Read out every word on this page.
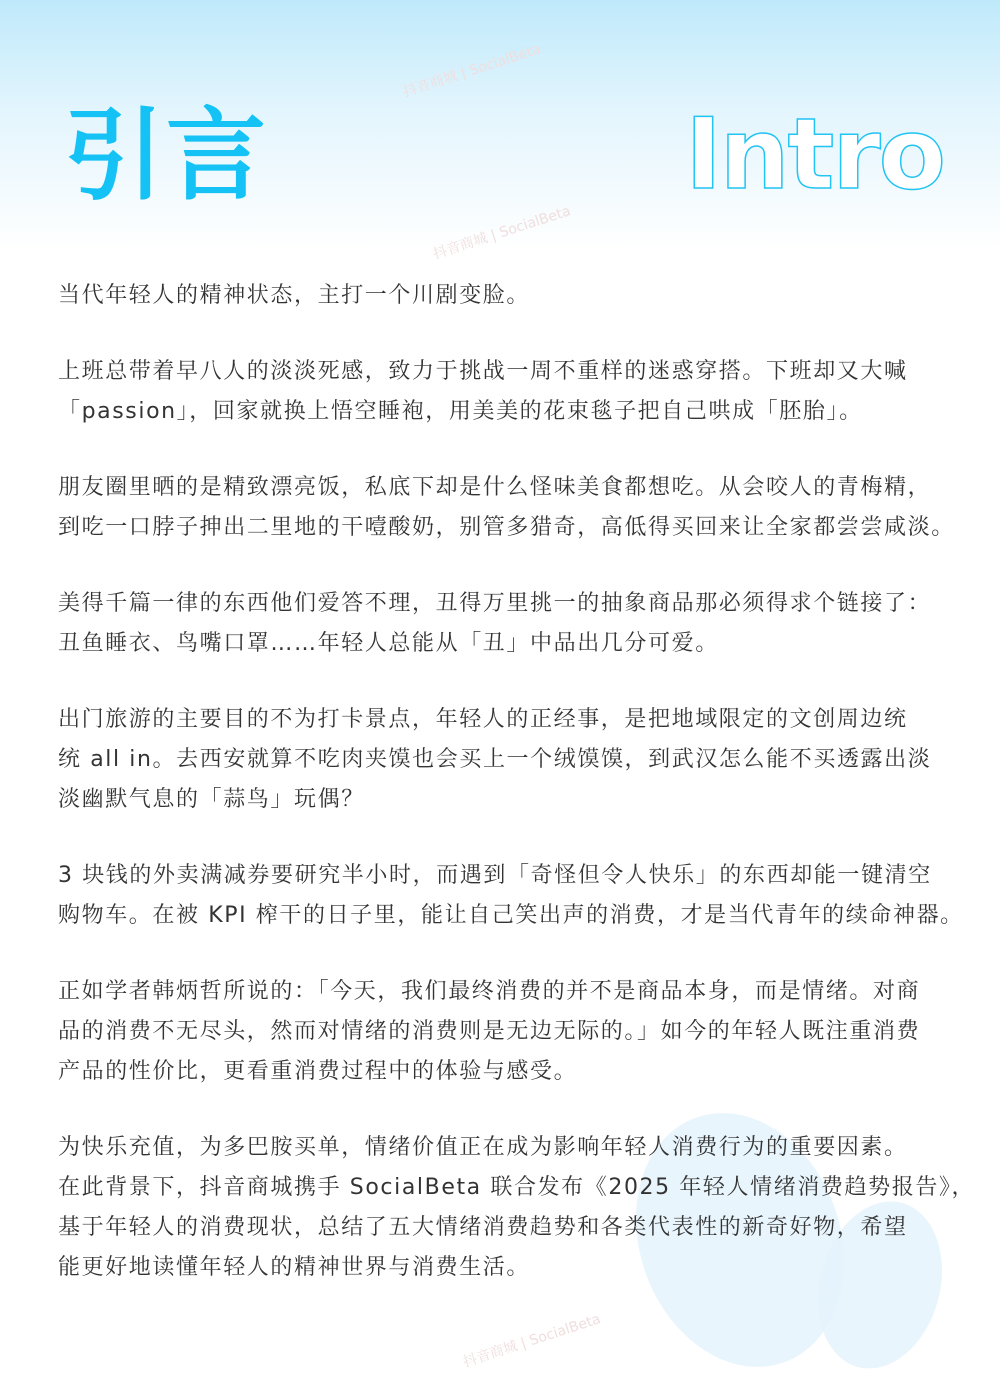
抖音商城 | SocialBeta
抖音商城 | SocialBeta
抖音商城 | SocialBeta
引言	Intro
当代年轻人的精神状态，主打一个川剧变脸。
上班总带着早八人的淡淡死感，致力于挑战一周不重样的迷惑穿搭。下班却又大喊
「passion」，回家就换上悟空睡袍，用美美的花束毯子把自己哄成「胚胎」。
朋友圈里晒的是精致漂亮饭，私底下却是什么怪味美食都想吃。从会咬人的青梅精，
到吃一口脖子抻出二里地的干噎酸奶，别管多猎奇，高低得买回来让全家都尝尝咸淡。
美得千篇一律的东西他们爱答不理，丑得万里挑一的抽象商品那必须得求个链接了：
丑鱼睡衣、鸟嘴口罩……年轻人总能从「丑」中品出几分可爱。
出门旅游的主要目的不为打卡景点，年轻人的正经事，是把地域限定的文创周边统
统 all in。去西安就算不吃肉夹馍也会买上一个绒馍馍，到武汉怎么能不买透露出淡
淡幽默气息的「蒜鸟」玩偶？
3 块钱的外卖满减券要研究半小时，而遇到「奇怪但令人快乐」的东西却能一键清空
购物车。在被 KPI 榨干的日子里，能让自己笑出声的消费，才是当代青年的续命神器。
正如学者韩炳哲所说的：「今天，我们最终消费的并不是商品本身，而是情绪。对商
品的消费不无尽头，然而对情绪的消费则是无边无际的。」如今的年轻人既注重消费
产品的性价比，更看重消费过程中的体验与感受。
为快乐充值，为多巴胺买单，情绪价值正在成为影响年轻人消费行为的重要因素。
在此背景下，抖音商城携手 SocialBeta 联合发布《2025 年轻人情绪消费趋势报告》，
基于年轻人的消费现状，总结了五大情绪消费趋势和各类代表性的新奇好物，希望
能更好地读懂年轻人的精神世界与消费生活。
